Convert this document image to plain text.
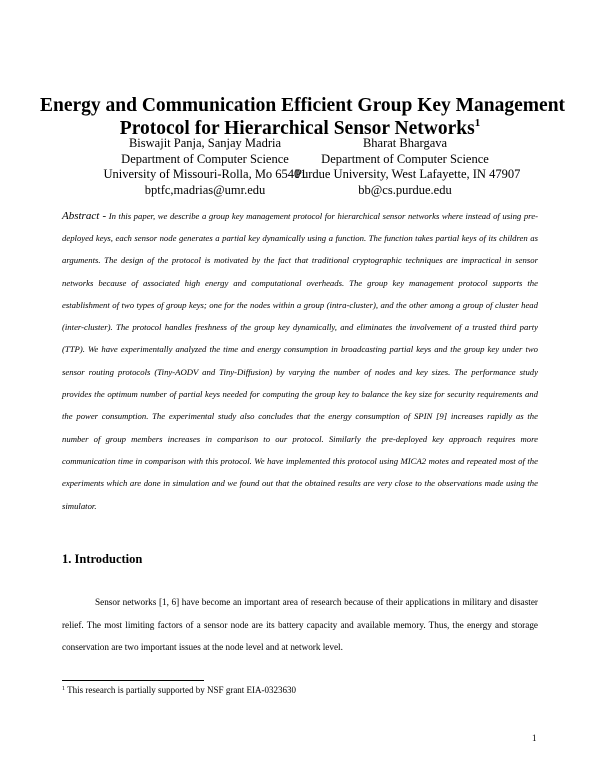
Energy and Communication Efficient Group Key Management
Protocol for Hierarchical Sensor Networks$^1$
Biswajit Panja, Sanjay Madria
Department of Computer Science
University of Missouri-Rolla, Mo 65401
bptfc,madrias@umr.edu
Bharat Bhargava
Department of Computer Science
Purdue University, West Lafayette, IN 47907
bb@cs.purdue.edu

Abstract - In this paper, we describe a group key management protocol for hierarchical sensor networks where instead of using pre-deployed keys, each sensor node generates a partial key dynamically using a function. The function takes partial keys of its children as arguments. The design of the protocol is motivated by the fact that traditional cryptographic techniques are impractical in sensor networks because of associated high energy and computational overheads. The group key management protocol supports the establishment of two types of group keys; one for the nodes within a group (intra-cluster), and the other among a group of cluster head (inter-cluster). The protocol handles freshness of the group key dynamically, and eliminates the involvement of a trusted third party (TTP). We have experimentally analyzed the time and energy consumption in broadcasting partial keys and the group key under two sensor routing protocols (Tiny-AODV and Tiny-Diffusion) by varying the number of nodes and key sizes. The performance study provides the optimum number of partial keys needed for computing the group key to balance the key size for security requirements and the power consumption. The experimental study also concludes that the energy consumption of SPIN [9] increases rapidly as the number of group members increases in comparison to our protocol. Similarly the pre-deployed key approach requires more communication time in comparison with this protocol. We have implemented this protocol using MICA2 motes and repeated most of the experiments which are done in simulation and we found out that the obtained results are very close to the observations made using the simulator.

1. Introduction

Sensor networks [1, 6] have become an important area of research because of their applications in military and disaster relief. The most limiting factors of a sensor node are its battery capacity and available memory. Thus, the energy and storage conservation are two important issues at the node level and at network level.

$^1$ This research is partially supported by NSF grant EIA-0323630
1
